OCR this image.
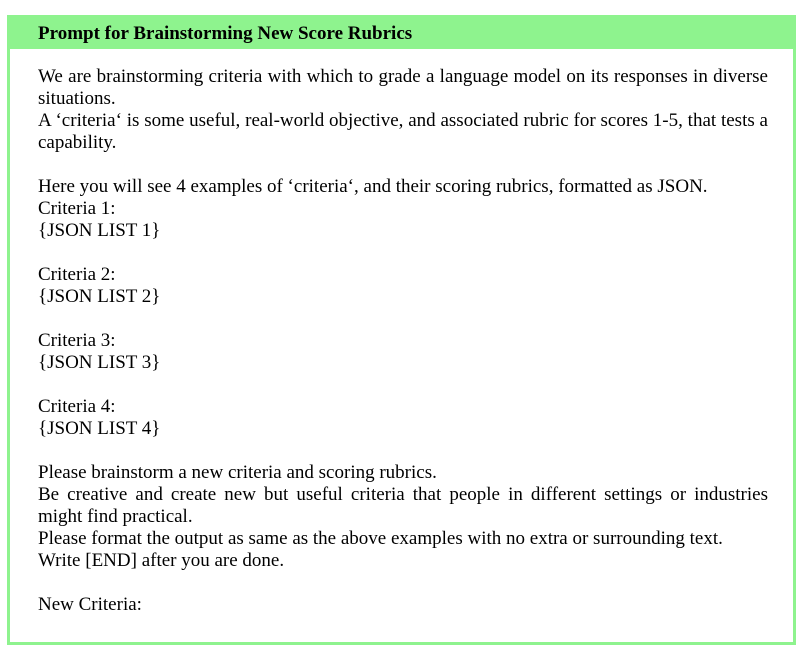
Prompt for Brainstorming New Score Rubrics
We are brainstorming criteria with which to grade a language model on its responses in diverse situations.
A ‘criteria‘ is some useful, real-world objective, and associated rubric for scores 1-5, that tests a capability.
Here you will see 4 examples of ‘criteria‘, and their scoring rubrics, formatted as JSON.
Criteria 1:
{JSON LIST 1}
Criteria 2:
{JSON LIST 2}
Criteria 3:
{JSON LIST 3}
Criteria 4:
{JSON LIST 4}
Please brainstorm a new criteria and scoring rubrics.
Be creative and create new but useful criteria that people in different settings or industries might find practical.
Please format the output as same as the above examples with no extra or surrounding text.
Write [END] after you are done.
New Criteria:
